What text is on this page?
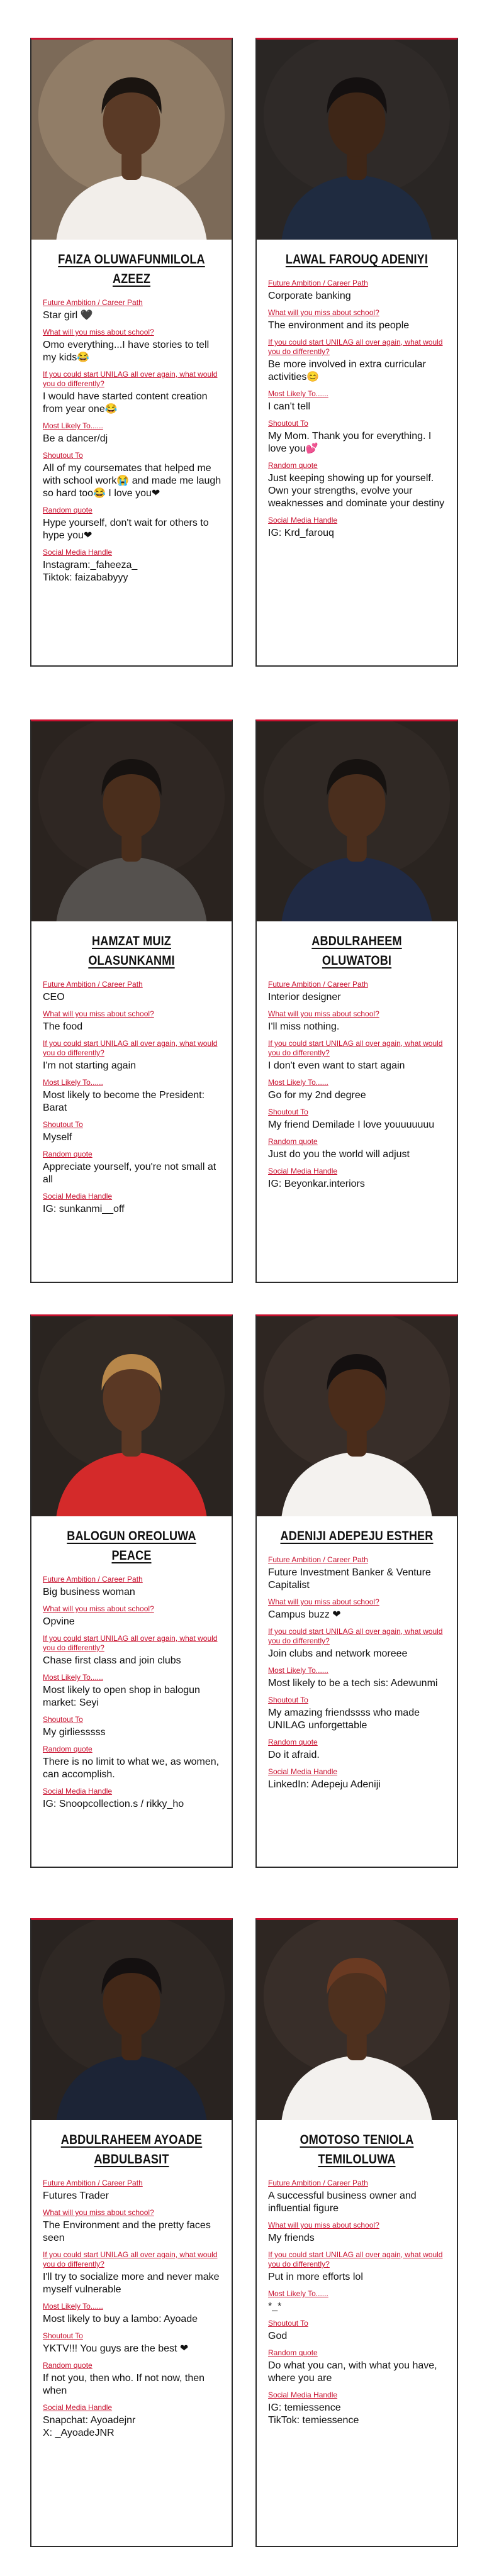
FAIZA OLUWAFUNMILOLA AZEEZ
Future Ambition / Career Path
Star girl 🖤
What will you miss about school?
Omo everything...I have stories to tell my kids😂
If you could start UNILAG all over again, what would you do differently?
I would have started content creation from year one😂
Most Likely To......
Be a dancer/dj
Shoutout To
All of my coursemates that helped me with school work😭 and made me laugh so hard too😂 I love you❤
Random quote
Hype yourself, don't wait for others to hype you❤
Social Media Handle
Instagram:_faheeza_
Tiktok: faizababyyy
LAWAL FAROUQ ADENIYI
Future Ambition / Career Path
Corporate banking
What will you miss about school?
The environment and its people
If you could start UNILAG all over again, what would you do differently?
Be more involved in extra curricular activities😊
Most Likely To......
I can't tell
Shoutout To
My Mom. Thank you for everything. I love you💕
Random quote
Just keeping showing up for yourself. Own your strengths, evolve your weaknesses and dominate your destiny
Social Media Handle
IG: Krd_farouq
HAMZAT MUIZ OLASUNKANMI
Future Ambition / Career Path
CEO
What will you miss about school?
The food
If you could start UNILAG all over again, what would you do differently?
I'm not starting again
Most Likely To......
Most likely to become the President: Barat
Shoutout To
Myself
Random quote
Appreciate yourself, you're not small at all
Social Media Handle
IG: sunkanmi__off
ABDULRAHEEM OLUWATOBI
Future Ambition / Career Path
Interior designer
What will you miss about school?
I'll miss nothing.
If you could start UNILAG all over again, what would you do differently?
I don't even want to start again
Most Likely To......
Go for my 2nd degree
Shoutout To
My friend Demilade I love youuuuuuu
Random quote
Just do you the world will adjust
Social Media Handle
IG: Beyonkar.interiors
BALOGUN OREOLUWA PEACE
Future Ambition / Career Path
Big business woman
What will you miss about school?
Opvine
If you could start UNILAG all over again, what would you do differently?
Chase first class and join clubs
Most Likely To......
Most likely to open shop in balogun market: Seyi
Shoutout To
My girliesssss
Random quote
There is no limit to what we, as women, can accomplish.
Social Media Handle
IG: Snoopcollection.s / rikky_ho
ADENIJI ADEPEJU ESTHER
Future Ambition / Career Path
Future Investment Banker & Venture Capitalist
What will you miss about school?
Campus buzz ❤
If you could start UNILAG all over again, what would you do differently?
Join clubs and network moreee
Most Likely To......
Most likely to be a tech sis: Adewunmi
Shoutout To
My amazing friendssss who made UNILAG unforgettable
Random quote
Do it afraid.
Social Media Handle
LinkedIn: Adepeju Adeniji
ABDULRAHEEM AYOADE ABDULBASIT
Future Ambition / Career Path
Futures Trader
What will you miss about school?
The Environment and the pretty faces seen
If you could start UNILAG all over again, what would you do differently?
I'll try to socialize more and never make myself vulnerable
Most Likely To......
Most likely to buy a lambo: Ayoade
Shoutout To
YKTV!!! You guys are the best ❤
Random quote
If not you, then who. If not now, then when
Social Media Handle
Snapchat: Ayoadejnr
X: _AyoadeJNR
OMOTOSO TENIOLA TEMILOLUWA
Future Ambition / Career Path
A successful business owner and influential figure
What will you miss about school?
My friends
If you could start UNILAG all over again, what would you do differently?
Put in more efforts lol
Most Likely To......
*_*
Shoutout To
God
Random quote
Do what you can, with what you have, where you are
Social Media Handle
IG: temiessence
TikTok: temiessence
